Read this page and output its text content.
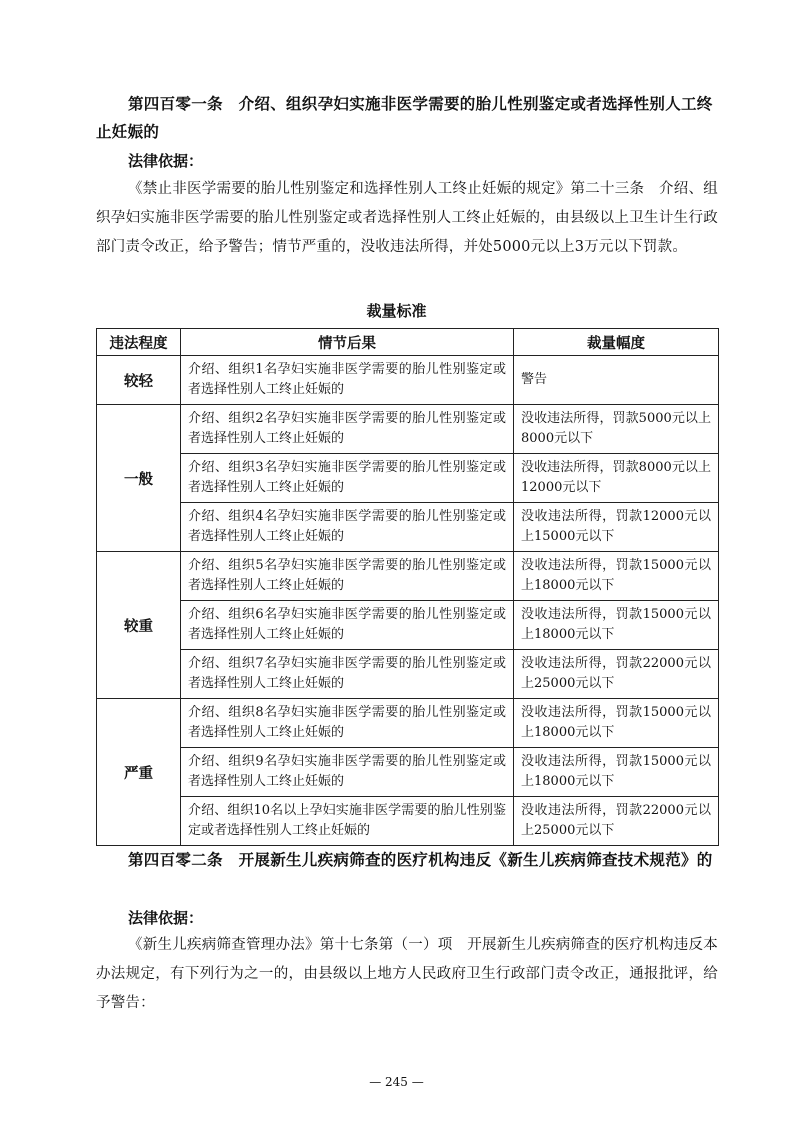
第四百零一条　介绍、组织孕妇实施非医学需要的胎儿性别鉴定或者选择性别人工终止妊娠的

法律依据：

《禁止非医学需要的胎儿性别鉴定和选择性别人工终止妊娠的规定》第二十三条　介绍、组织孕妇实施非医学需要的胎儿性别鉴定或者选择性别人工终止妊娠的，由县级以上卫生计生行政部门责令改正，给予警告；情节严重的，没收违法所得，并处5000元以上3万元以下罚款。

裁量标准

违法程度	情节后果	裁量幅度
较轻	介绍、组织1名孕妇实施非医学需要的胎儿性别鉴定或者选择性别人工终止妊娠的	警告
一般	介绍、组织2名孕妇实施非医学需要的胎儿性别鉴定或者选择性别人工终止妊娠的	没收违法所得，罚款5000元以上8000元以下
	介绍、组织3名孕妇实施非医学需要的胎儿性别鉴定或者选择性别人工终止妊娠的	没收违法所得，罚款8000元以上12000元以下
	介绍、组织4名孕妇实施非医学需要的胎儿性别鉴定或者选择性别人工终止妊娠的	没收违法所得，罚款12000元以上15000元以下
较重	介绍、组织5名孕妇实施非医学需要的胎儿性别鉴定或者选择性别人工终止妊娠的	没收违法所得，罚款15000元以上18000元以下
	介绍、组织6名孕妇实施非医学需要的胎儿性别鉴定或者选择性别人工终止妊娠的	没收违法所得，罚款15000元以上18000元以下
	介绍、组织7名孕妇实施非医学需要的胎儿性别鉴定或者选择性别人工终止妊娠的	没收违法所得，罚款22000元以上25000元以下
严重	介绍、组织8名孕妇实施非医学需要的胎儿性别鉴定或者选择性别人工终止妊娠的	没收违法所得，罚款15000元以上18000元以下
	介绍、组织9名孕妇实施非医学需要的胎儿性别鉴定或者选择性别人工终止妊娠的	没收违法所得，罚款15000元以上18000元以下
	介绍、组织10名以上孕妇实施非医学需要的胎儿性别鉴定或者选择性别人工终止妊娠的	没收违法所得，罚款22000元以上25000元以下

第四百零二条　开展新生儿疾病筛查的医疗机构违反《新生儿疾病筛查技术规范》的

法律依据：

《新生儿疾病筛查管理办法》第十七条第（一）项　开展新生儿疾病筛查的医疗机构违反本办法规定，有下列行为之一的，由县级以上地方人民政府卫生行政部门责令改正，通报批评，给予警告：

— 245 —
